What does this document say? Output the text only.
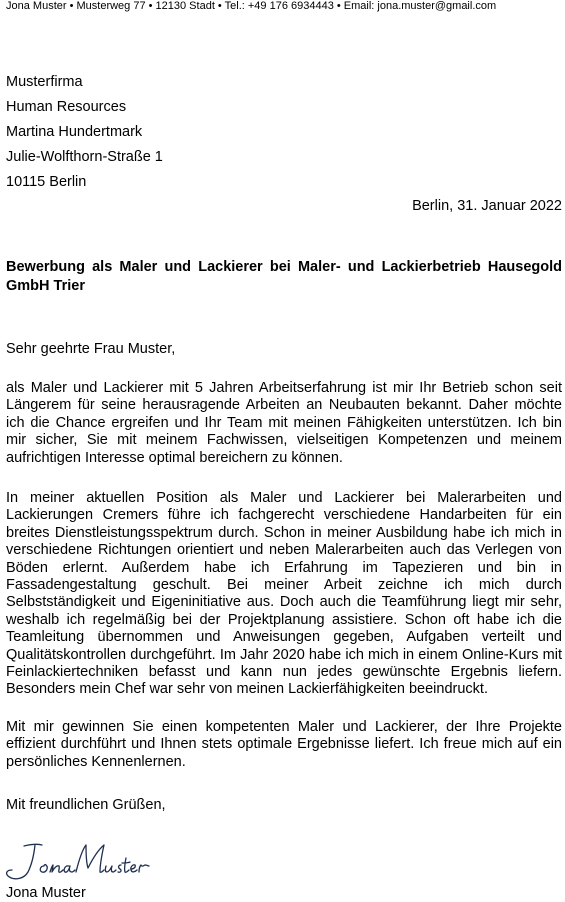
Jona Muster • Musterweg 77 • 12130 Stadt • Tel.: +49 176 6934443 • Email: jona.muster@gmail.com
Musterfirma
Human Resources
Martina Hundertmark
Julie-Wolfthorn-Straße 1
10115 Berlin
Berlin, 31. Januar 2022
Bewerbung als Maler und Lackierer bei Maler- und Lackierbetrieb Hausegold GmbH Trier
Sehr geehrte Frau Muster,
als Maler und Lackierer mit 5 Jahren Arbeitserfahrung ist mir Ihr Betrieb schon seit Längerem für seine herausragende Arbeiten an Neubauten bekannt. Daher möchte ich die Chance ergreifen und Ihr Team mit meinen Fähigkeiten unterstützen. Ich bin mir sicher, Sie mit meinem Fachwissen, vielseitigen Kompetenzen und meinem aufrichtigen Interesse optimal bereichern zu können.
In meiner aktuellen Position als Maler und Lackierer bei Malerarbeiten und Lackierungen Cremers führe ich fachgerecht verschiedene Handarbeiten für ein breites Dienstleistungsspektrum durch. Schon in meiner Ausbildung habe ich mich in verschiedene Richtungen orientiert und neben Malerarbeiten auch das Verlegen von Böden erlernt. Außerdem habe ich Erfahrung im Tapezieren und bin in Fassadengestaltung geschult. Bei meiner Arbeit zeichne ich mich durch Selbstständigkeit und Eigeninitiative aus. Doch auch die Teamführung liegt mir sehr, weshalb ich regelmäßig bei der Projektplanung assistiere. Schon oft habe ich die Teamleitung übernommen und Anweisungen gegeben, Aufgaben verteilt und Qualitätskontrollen durchgeführt. Im Jahr 2020 habe ich mich in einem Online-Kurs mit Feinlackiertechniken befasst und kann nun jedes gewünschte Ergebnis liefern. Besonders mein Chef war sehr von meinen Lackierfähigkeiten beeindruckt.
Mit mir gewinnen Sie einen kompetenten Maler und Lackierer, der Ihre Projekte effizient durchführt und Ihnen stets optimale Ergebnisse liefert. Ich freue mich auf ein persönliches Kennenlernen.
Mit freundlichen Grüßen,
Jona Muster
